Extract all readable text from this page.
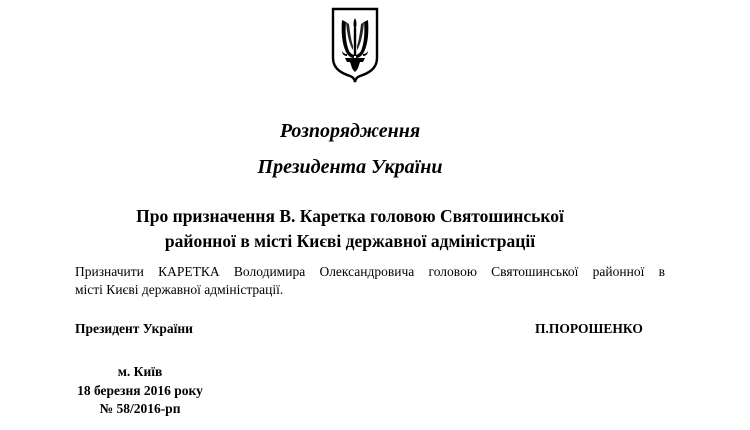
Розпорядження
Президента України
Про призначення В. Каретка головою Святошинської
районної в місті Києві державної адміністрації
Призначити КАРЕТКА Володимира Олександровича головою Святошинської районної в
місті Києві державної адміністрації.
Президент України	П.ПОРОШЕНКО
м. Київ
18 березня 2016 року
№ 58/2016-рп
